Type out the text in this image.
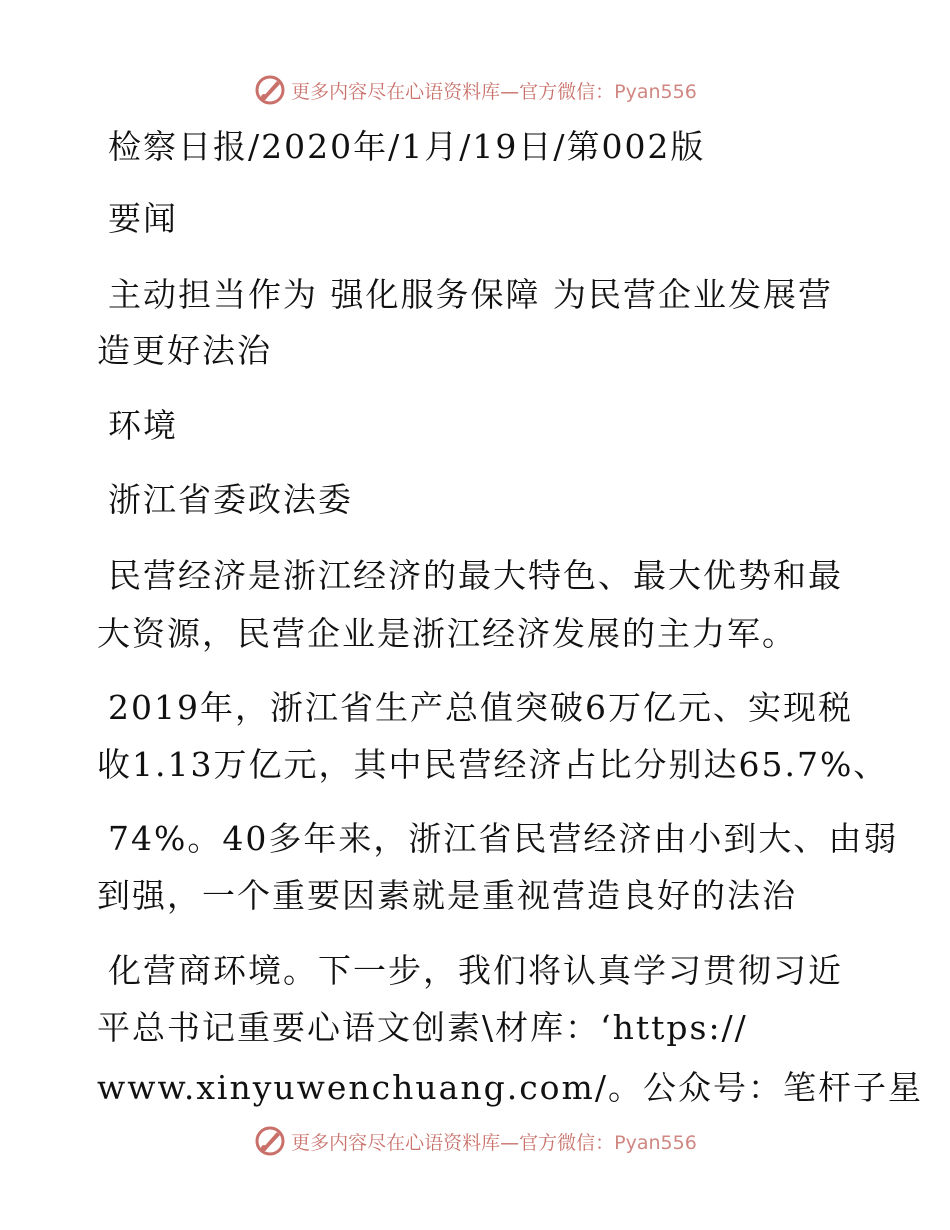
更多内容尽在心语资料库—官方微信：Pyan556
检察日报/2020年/1月/19日/第002版
要闻
主动担当作为 强化服务保障 为民营企业发展营
造更好法治
环境
浙江省委政法委
民营经济是浙江经济的最大特色、最大优势和最
大资源，民营企业是浙江经济发展的主力军。
2019年，浙江省生产总值突破6万亿元、实现税
收1.13万亿元，其中民营经济占比分别达65.7%、
74%。40多年来，浙江省民营经济由小到大、由弱
到强，一个重要因素就是重视营造良好的法治
化营商环境。下一步，我们将认真学习贯彻习近
平总书记重要心语文创素\材库：‘https://
www.xinyuwenchuang.com/。公众号：笔杆子星
更多内容尽在心语资料库—官方微信：Pyan556
